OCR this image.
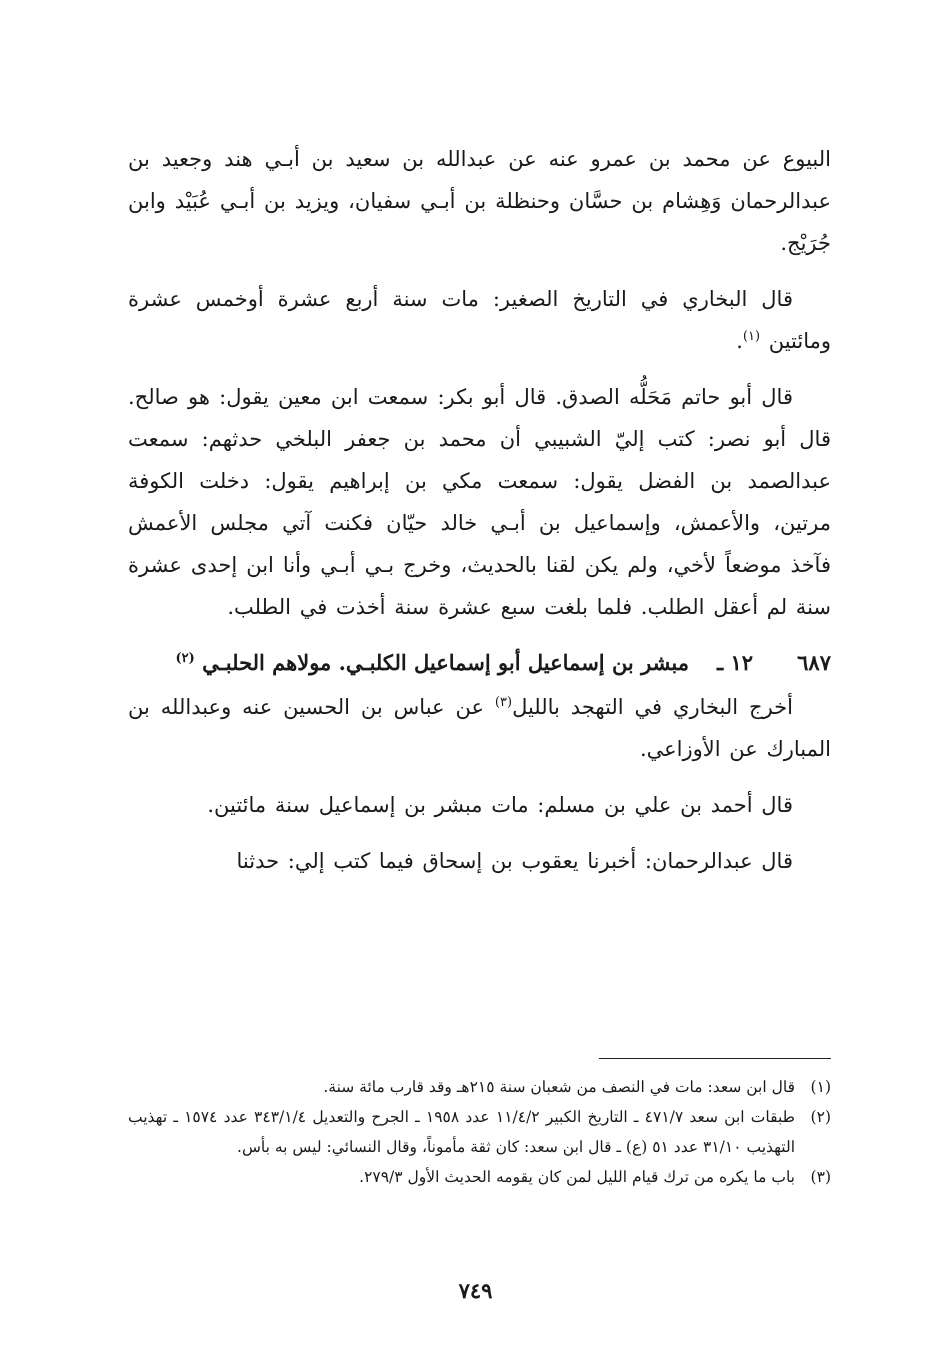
البيوع عن محمد بن عمرو عنه عن عبدالله بن سعيد بن أبـي هند وجعيد بن عبدالرحمان وَهِشام بن حسَّان وحنظلة بن أبـي سفيان، ويزيد بن أبـي عُبَيْد وابن جُرَيْج.

قال البخاري في التاريخ الصغير: مات سنة أربع عشرة أوخمس عشرة ومائتين $^{(١)}$.

قال أبو حاتم مَحَلُّه الصدق. قال أبو بكر: سمعت ابن معين يقول: هو صالح. قال أبو نصر: كتب إليّ الشبيبي أن محمد بن جعفر البلخي حدثهم: سمعت عبدالصمد بن الفضل يقول: سمعت مكي بن إبراهيم يقول: دخلت الكوفة مرتين، والأعمش، وإسماعيل بن أبـي خالد حيّان فكنت آتي مجلس الأعمش فآخذ موضعاً لأخي، ولم يكن لقنا بالحديث، وخرج بـي أبـي وأنا ابن إحدى عشرة سنة لم أعقل الطلب. فلما بلغت سبع عشرة سنة أخذت في الطلب.

٦٨٧
١٢ ـ
مبشر بن إسماعيل أبو إسماعيل الكلبـي. مولاهم الحلبـي $^{(٢)}$

أخرج البخاري في التهجد بالليل$^{(٣)}$ عن عباس بن الحسين عنه وعبدالله بن المبارك عن الأوزاعي.

قال أحمد بن علي بن مسلم: مات مبشر بن إسماعيل سنة مائتين.

قال عبدالرحمان: أخبرنا يعقوب بن إسحاق فيما كتب إلي: حدثنا

(١)
قال ابن سعد: مات في النصف من شعبان سنة ٢١٥هـ وقد قارب مائة سنة.
(٢)
طبقات ابن سعد ٤٧١/٧ ـ التاريخ الكبير ١١/٤/٢ عدد ١٩٥٨ ـ الجرح والتعديل ٣٤٣/١/٤ عدد ١٥٧٤ ـ تهذيب التهذيب ٣١/١٠ عدد ٥١ (ع) ـ قال ابن سعد: كان ثقة مأموناً، وقال النسائي: ليس به بأس.
(٣)
باب ما يكره من ترك قيام الليل لمن كان يقومه الحديث الأول ٢٧٩/٣.
٧٤٩
